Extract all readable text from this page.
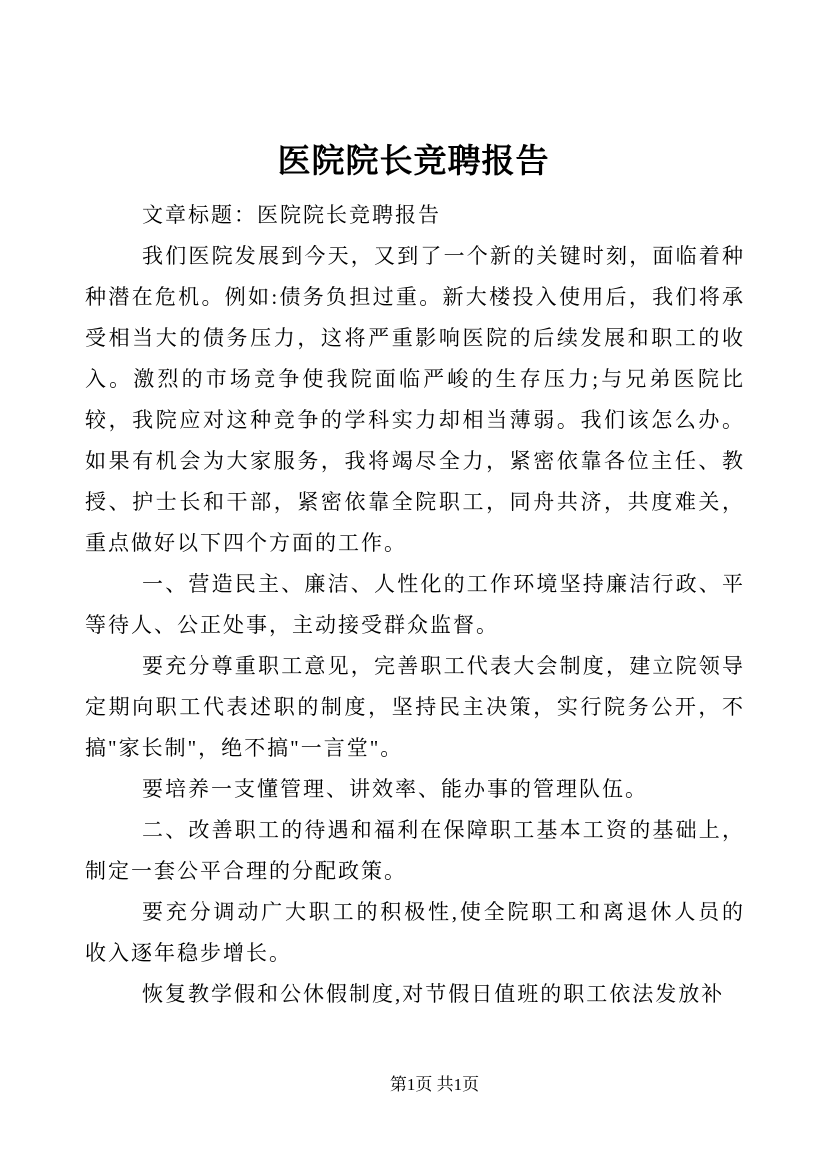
医院院长竞聘报告

文章标题：医院院长竞聘报告

我们医院发展到今天，又到了一个新的关键时刻，面临着种种潜在危机。例如:债务负担过重。新大楼投入使用后，我们将承受相当大的债务压力，这将严重影响医院的后续发展和职工的收入。激烈的市场竞争使我院面临严峻的生存压力;与兄弟医院比较，我院应对这种竞争的学科实力却相当薄弱。我们该怎么办。如果有机会为大家服务，我将竭尽全力，紧密依靠各位主任、教授、护士长和干部，紧密依靠全院职工，同舟共济，共度难关，重点做好以下四个方面的工作。

一、营造民主、廉洁、人性化的工作环境坚持廉洁行政、平等待人、公正处事，主动接受群众监督。

要充分尊重职工意见，完善职工代表大会制度，建立院领导定期向职工代表述职的制度，坚持民主决策，实行院务公开，不搞"家长制"，绝不搞"一言堂"。

要培养一支懂管理、讲效率、能办事的管理队伍。

二、改善职工的待遇和福利在保障职工基本工资的基础上，制定一套公平合理的分配政策。

要充分调动广大职工的积极性,使全院职工和离退休人员的收入逐年稳步增长。

恢复教学假和公休假制度,对节假日值班的职工依法发放补

第1页 共1页
